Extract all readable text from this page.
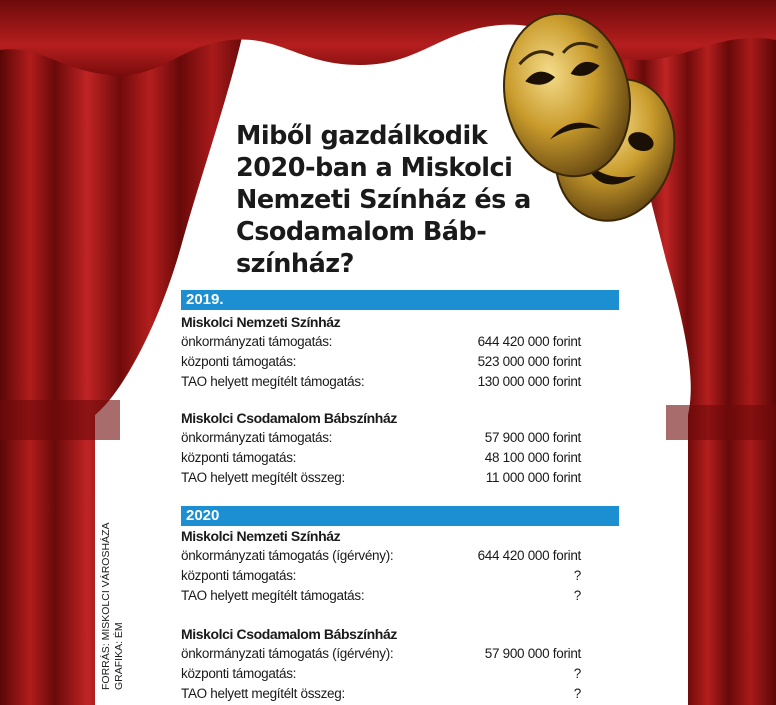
Miből gazdálkodik
2020-ban a Miskolci
Nemzeti Színház és a
Csodamalom Báb-
színház?
2019.
Miskolci Nemzeti Színház
önkormányzati támogatás:	644 420 000 forint
központi támogatás:	523 000 000 forint
TAO helyett megítélt támogatás:	130 000 000 forint
Miskolci Csodamalom Bábszínház
önkormányzati támogatás:	57 900 000 forint
központi támogatás:	48 100 000 forint
TAO helyett megítélt összeg:	11 000 000 forint
2020
Miskolci Nemzeti Színház
önkormányzati támogatás (ígérvény):	644 420 000 forint
központi támogatás:	?
TAO helyett megítélt támogatás:	?
Miskolci Csodamalom Bábszínház
önkormányzati támogatás (ígérvény):	57 900 000 forint
központi támogatás:	?
TAO helyett megítélt összeg:	?
FORRÁS: MISKOLCI VÁROSHÁZA GRAFIKA: ÉM
